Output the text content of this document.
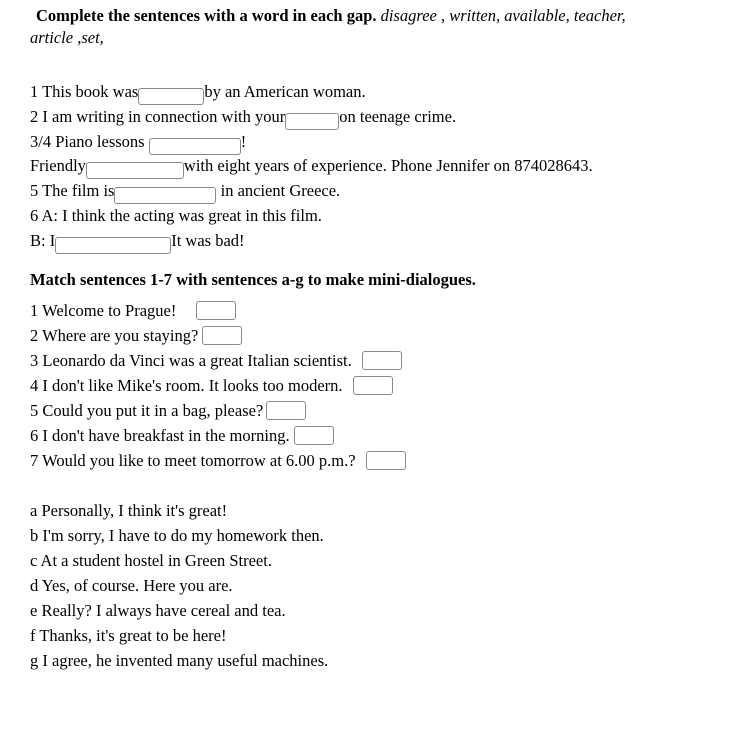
Complete the sentences with a word in each gap. disagree , written, available, teacher,
article ,set,
1 This book was	by an American woman.
2 I am writing in connection with your	on teenage crime.
3/4 Piano lessons	!
Friendly	with eight years of experience. Phone Jennifer on 874028643.
5 The film is	in ancient Greece.
6 A: I think the acting was great in this film.
B: I	It was bad!
Match sentences 1-7 with sentences a-g to make mini-dialogues.
1 Welcome to Prague!
2 Where are you staying?
3 Leonardo da Vinci was a great Italian scientist.
4 I don't like Mike's room. It looks too modern.
5 Could you put it in a bag, please?
6 I don't have breakfast in the morning.
7 Would you like to meet tomorrow at 6.00 p.m.?
a Personally, I think it's great!
b I'm sorry, I have to do my homework then.
c At a student hostel in Green Street.
d Yes, of course. Here you are.
e Really? I always have cereal and tea.
f Thanks, it's great to be here!
g I agree, he invented many useful machines.
